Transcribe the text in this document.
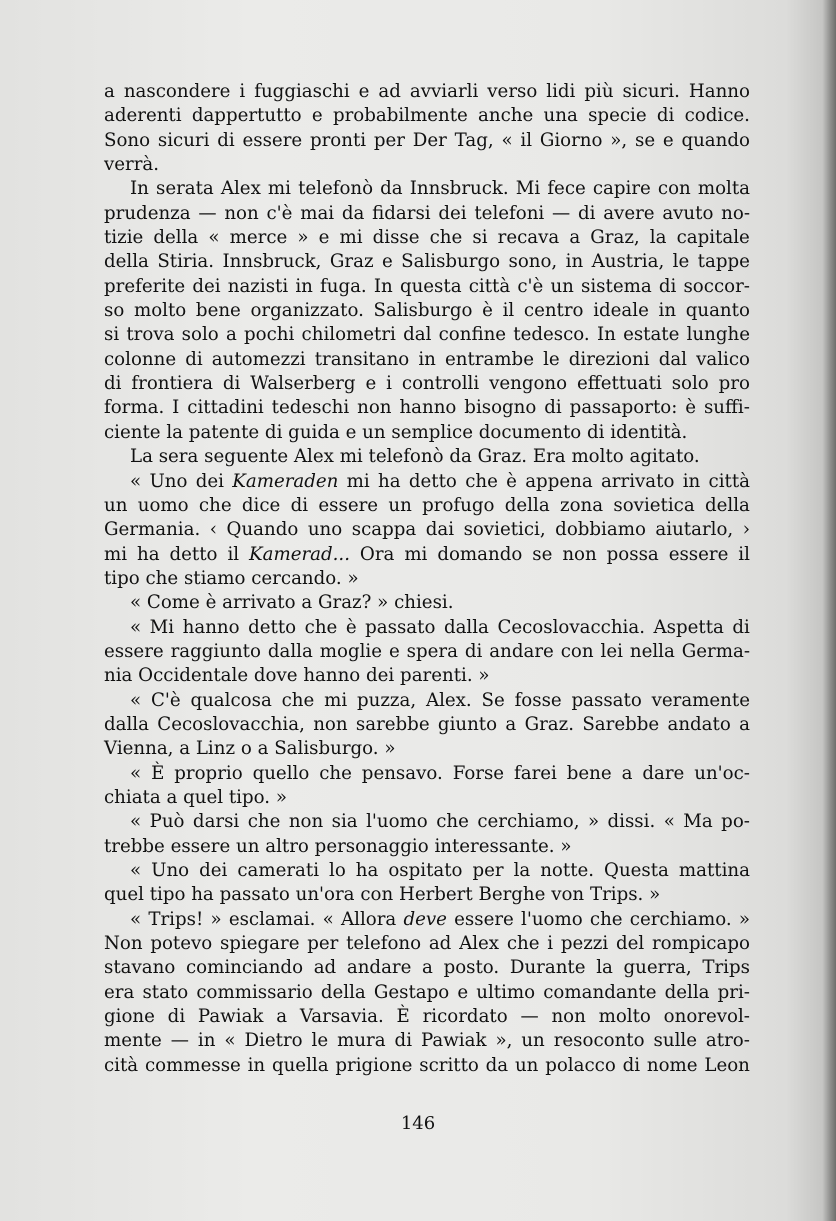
a nascondere i fuggiaschi e ad avviarli verso lidi più sicuri. Hanno
aderenti dappertutto e probabilmente anche una specie di codice.
Sono sicuri di essere pronti per Der Tag, « il Giorno », se e quando
verrà.
In serata Alex mi telefonò da Innsbruck. Mi fece capire con molta
prudenza — non c'è mai da fidarsi dei telefoni — di avere avuto no-
tizie della « merce » e mi disse che si recava a Graz, la capitale
della Stiria. Innsbruck, Graz e Salisburgo sono, in Austria, le tappe
preferite dei nazisti in fuga. In questa città c'è un sistema di soccor-
so molto bene organizzato. Salisburgo è il centro ideale in quanto
si trova solo a pochi chilometri dal confine tedesco. In estate lunghe
colonne di automezzi transitano in entrambe le direzioni dal valico
di frontiera di Walserberg e i controlli vengono effettuati solo pro
forma. I cittadini tedeschi non hanno bisogno di passaporto: è suffi-
ciente la patente di guida e un semplice documento di identità.
La sera seguente Alex mi telefonò da Graz. Era molto agitato.
« Uno dei Kameraden mi ha detto che è appena arrivato in città
un uomo che dice di essere un profugo della zona sovietica della
Germania. ‹ Quando uno scappa dai sovietici, dobbiamo aiutarlo, ›
mi ha detto il Kamerad... Ora mi domando se non possa essere il
tipo che stiamo cercando. »
« Come è arrivato a Graz? » chiesi.
« Mi hanno detto che è passato dalla Cecoslovacchia. Aspetta di
essere raggiunto dalla moglie e spera di andare con lei nella Germa-
nia Occidentale dove hanno dei parenti. »
« C'è qualcosa che mi puzza, Alex. Se fosse passato veramente
dalla Cecoslovacchia, non sarebbe giunto a Graz. Sarebbe andato a
Vienna, a Linz o a Salisburgo. »
« È proprio quello che pensavo. Forse farei bene a dare un'oc-
chiata a quel tipo. »
« Può darsi che non sia l'uomo che cerchiamo, » dissi. « Ma po-
trebbe essere un altro personaggio interessante. »
« Uno dei camerati lo ha ospitato per la notte. Questa mattina
quel tipo ha passato un'ora con Herbert Berghe von Trips. »
« Trips! » esclamai. « Allora deve essere l'uomo che cerchiamo. »
Non potevo spiegare per telefono ad Alex che i pezzi del rompicapo
stavano cominciando ad andare a posto. Durante la guerra, Trips
era stato commissario della Gestapo e ultimo comandante della pri-
gione di Pawiak a Varsavia. È ricordato — non molto onorevol-
mente — in « Dietro le mura di Pawiak », un resoconto sulle atro-
cità commesse in quella prigione scritto da un polacco di nome Leon
146
